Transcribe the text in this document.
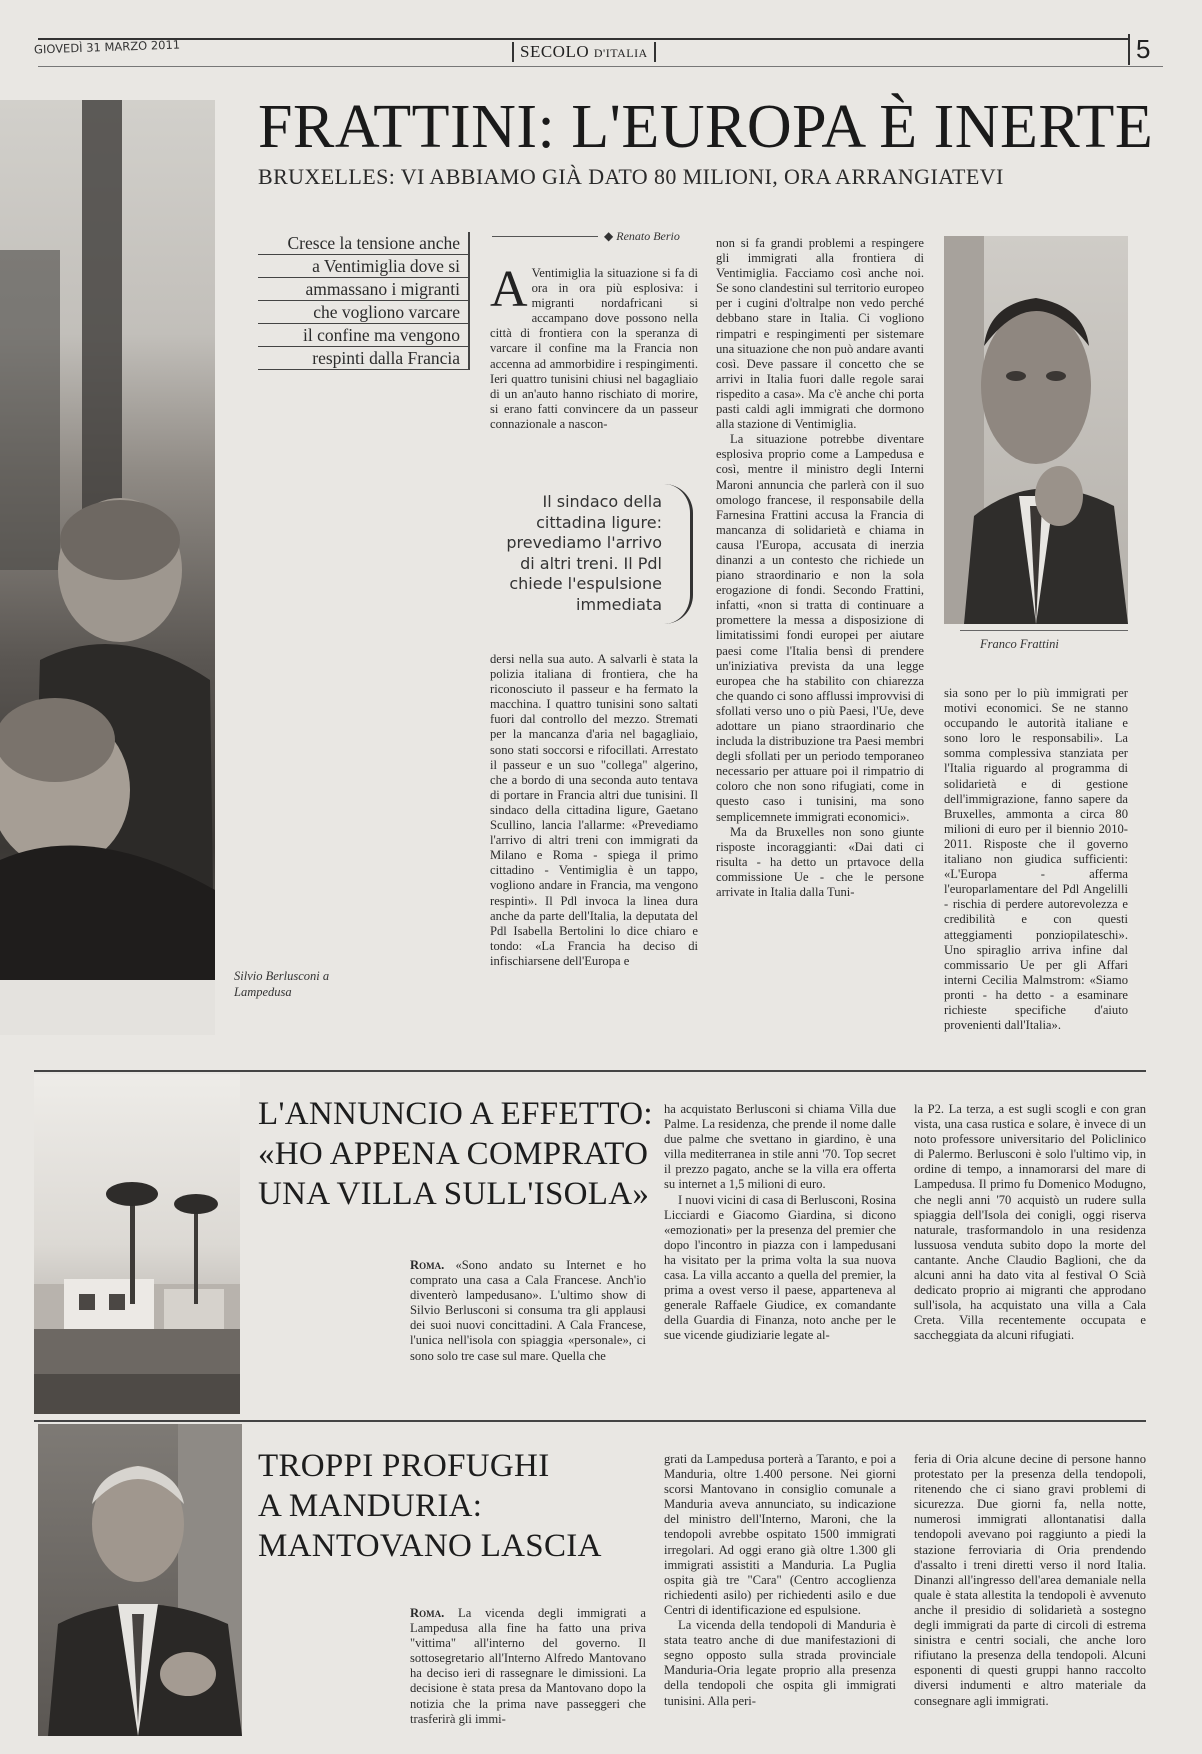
GIOVEDÌ 31 MARZO 2011	SECOLO D'ITALIA	5
Silvio Berlusconi a Lampedusa
FRATTINI: L'EUROPA È INERTE
BRUXELLES: VI ABBIAMO GIÀ DATO 80 MILIONI, ORA ARRANGIATEVI
Cresce la tensione anche
a Ventimiglia dove si
ammassano i migranti
che vogliono varcare
il confine ma vengono
respinti dalla Francia
◆ Renato Berio
A Ventimiglia la situazione si fa di ora in ora più esplosiva: i migranti nordafricani si accampano dove possono nella città di frontiera con la speranza di varcare il confine ma la Francia non accenna ad ammorbidire i respingimenti. Ieri quattro tunisini chiusi nel bagagliaio di un an'auto hanno rischiato di morire, si erano fatti convincere da un passeur connazionale a nascon-
Il sindaco della cittadina ligure: prevediamo l'arrivo di altri treni. Il Pdl chiede l'espulsione immediata

dersi nella sua auto. A salvarli è stata la polizia italiana di frontiera, che ha riconosciuto il passeur e ha fermato la macchina. I quattro tunisini sono saltati fuori dal controllo del mezzo. Stremati per la mancanza d'aria nel bagagliaio, sono stati soccorsi e rifocillati. Arrestato il passeur e un suo "collega" algerino, che a bordo di una seconda auto tentava di portare in Francia altri due tunisini. Il sindaco della cittadina ligure, Gaetano Scullino, lancia l'allarme: «Prevediamo l'arrivo di altri treni con immigrati da Milano e Roma - spiega il primo cittadino - Ventimiglia è un tappo, vogliono andare in Francia, ma vengono respinti». Il Pdl invoca la linea dura anche da parte dell'Italia, la deputata del Pdl Isabella Bertolini lo dice chiaro e tondo: «La Francia ha deciso di infischiarsene dell'Europa e

non si fa grandi problemi a respingere gli immigrati alla frontiera di Ventimiglia. Facciamo così anche noi. Se sono clandestini sul territorio europeo per i cugini d'oltralpe non vedo perché debbano stare in Italia. Ci vogliono rimpatri e respingimenti per sistemare una situazione che non può andare avanti così. Deve passare il concetto che se arrivi in Italia fuori dalle regole sarai rispedito a casa». Ma c'è anche chi porta pasti caldi agli immigrati che dormono alla stazione di Ventimiglia.

La situazione potrebbe diventare esplosiva proprio come a Lampedusa e così, mentre il ministro degli Interni Maroni annuncia che parlerà con il suo omologo francese, il responsabile della Farnesina Frattini accusa la Francia di mancanza di solidarietà e chiama in causa l'Europa, accusata di inerzia dinanzi a un contesto che richiede un piano straordinario e non la sola erogazione di fondi. Secondo Frattini, infatti, «non si tratta di continuare a promettere la messa a disposizione di limitatissimi fondi europei per aiutare paesi come l'Italia bensì di prendere un'iniziativa prevista da una legge europea che ha stabilito con chiarezza che quando ci sono afflussi improvvisi di sfollati verso uno o più Paesi, l'Ue, deve adottare un piano straordinario che includa la distribuzione tra Paesi membri degli sfollati per un periodo temporaneo necessario per attuare poi il rimpatrio di coloro che non sono rifugiati, come in questo caso i tunisini, ma sono semplicemnete immigrati economici».

Ma da Bruxelles non sono giunte risposte incoraggianti: «Dai dati ci risulta - ha detto un prtavoce della commissione Ue - che le persone arrivate in Italia dalla Tuni-

Franco Frattini

sia sono per lo più immigrati per motivi economici. Se ne stanno occupando le autorità italiane e sono loro le responsabili». La somma complessiva stanziata per l'Italia riguardo al programma di solidarietà e di gestione dell'immigrazione, fanno sapere da Bruxelles, ammonta a circa 80 milioni di euro per il biennio 2010-2011. Risposte che il governo italiano non giudica sufficienti: «L'Europa - afferma l'europarlamentare del Pdl Angelilli - rischia di perdere autorevolezza e credibilità e con questi atteggiamenti ponziopilateschi». Uno spiraglio arriva infine dal commissario Ue per gli Affari interni Cecilia Malmstrom: «Siamo pronti - ha detto - a esaminare richieste specifiche d'aiuto provenienti dall'Italia».

L'ANNUNCIO A EFFETTO:
«HO APPENA COMPRATO
UNA VILLA SULL'ISOLA»

Roma. «Sono andato su Internet e ho comprato una casa a Cala Francese. Anch'io diventerò lampedusano». L'ultimo show di Silvio Berlusconi si consuma tra gli applausi dei suoi nuovi concittadini. A Cala Francese, l'unica nell'isola con spiaggia «personale», ci sono solo tre case sul mare. Quella che

ha acquistato Berlusconi si chiama Villa due Palme. La residenza, che prende il nome dalle due palme che svettano in giardino, è una villa mediterranea in stile anni '70. Top secret il prezzo pagato, anche se la villa era offerta su internet a 1,5 milioni di euro.

I nuovi vicini di casa di Berlusconi, Rosina Licciardi e Giacomo Giardina, si dicono «emozionati» per la presenza del premier che dopo l'incontro in piazza con i lampedusani ha visitato per la prima volta la sua nuova casa. La villa accanto a quella del premier, la prima a ovest verso il paese, apparteneva al generale Raffaele Giudice, ex comandante della Guardia di Finanza, noto anche per le sue vicende giudiziarie legate al-

la P2. La terza, a est sugli scogli e con gran vista, una casa rustica e solare, è invece di un noto professore universitario del Policlinico di Palermo. Berlusconi è solo l'ultimo vip, in ordine di tempo, a innamorarsi del mare di Lampedusa. Il primo fu Domenico Modugno, che negli anni '70 acquistò un rudere sulla spiaggia dell'Isola dei conigli, oggi riserva naturale, trasformandolo in una residenza lussuosa venduta subito dopo la morte del cantante. Anche Claudio Baglioni, che da alcuni anni ha dato vita al festival O Scià dedicato proprio ai migranti che approdano sull'isola, ha acquistato una villa a Cala Creta. Villa recentemente occupata e saccheggiata da alcuni rifugiati.

TROPPI PROFUGHI
A MANDURIA:
MANTOVANO LASCIA

Roma. La vicenda degli immigrati a Lampedusa alla fine ha fatto una priva "vittima" all'interno del governo. Il sottosegretario all'Interno Alfredo Mantovano ha deciso ieri di rassegnare le dimissioni. La decisione è stata presa da Mantovano dopo la notizia che la prima nave passeggeri che trasferirà gli immi-

grati da Lampedusa porterà a Taranto, e poi a Manduria, oltre 1.400 persone. Nei giorni scorsi Mantovano in consiglio comunale a Manduria aveva annunciato, su indicazione del ministro dell'Interno, Maroni, che la tendopoli avrebbe ospitato 1500 immigrati irregolari. Ad oggi erano già oltre 1.300 gli immigrati assistiti a Manduria. La Puglia ospita già tre "Cara" (Centro accoglienza richiedenti asilo) per richiedenti asilo e due Centri di identificazione ed espulsione.

La vicenda della tendopoli di Manduria è stata teatro anche di due manifestazioni di segno opposto sulla strada provinciale Manduria-Oria legate proprio alla presenza della tendopoli che ospita gli immigrati tunisini. Alla peri-

feria di Oria alcune decine di persone hanno protestato per la presenza della tendopoli, ritenendo che ci siano gravi problemi di sicurezza. Due giorni fa, nella notte, numerosi immigrati allontanatisi dalla tendopoli avevano poi raggiunto a piedi la stazione ferroviaria di Oria prendendo d'assalto i treni diretti verso il nord Italia. Dinanzi all'ingresso dell'area demaniale nella quale è stata allestita la tendopoli è avvenuto anche il presidio di solidarietà a sostegno degli immigrati da parte di circoli di estrema sinistra e centri sociali, che anche loro rifiutano la presenza della tendopoli. Alcuni esponenti di questi gruppi hanno raccolto diversi indumenti e altro materiale da consegnare agli immigrati.
